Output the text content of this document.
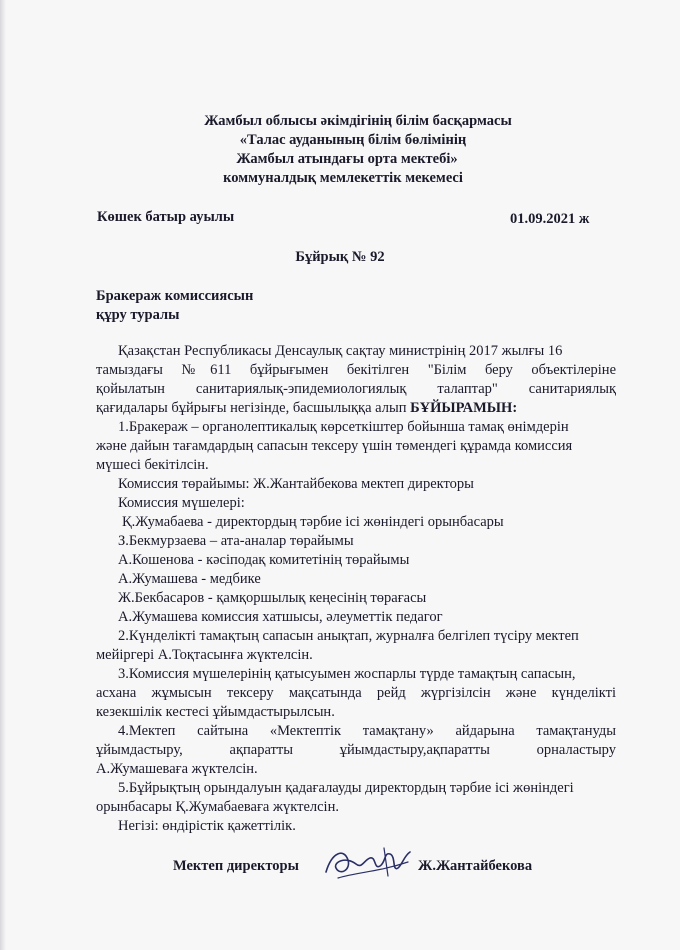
Жамбыл облысы әкімдігінің білім басқармасы
«Талас ауданының білім бөлімінің
Жамбыл атындағы орта мектебі»
коммуналдық мемлекеттік мекемесі
Көшек батыр ауылы	01.09.2021 ж
Бұйрық № 92
Бракераж комиссиясын
құру туралы
Қазақстан Республикасы Денсаулық сақтау министрінің 2017 жылғы 16
тамыздағы №611 бұйрығымен бекітілген "Білім беру объектілеріне
қойылатын санитариялық-эпидемиологиялық талаптар" санитариялық
қағидалары бұйрығы негізінде, басшылыққа алып БҰЙЫРАМЫН:
1.Бракераж – органолептикалық көрсеткіштер бойынша тамақ өнімдерін
және дайын тағамдардың сапасын тексеру үшін төмендегі құрамда комиссия
мүшесі бекітілсін.
Комиссия төрайымы: Ж.Жантайбекова мектеп директоры
Комиссия мүшелері:
Қ.Жумабаева - директордың тәрбие ісі жөніндегі орынбасары
З.Бекмурзаева – ата-аналар төрайымы
А.Кошенова - кәсіподақ комитетінің төрайымы
А.Жумашева - медбике
Ж.Бекбасаров - қамқоршылық кеңесінің төрағасы
А.Жумашева комиссия хатшысы, әлеуметтік педагог
2.Күнделікті тамақтың сапасын анықтап, журналға белгілеп түсіру мектеп
мейіргері А.Тоқтасынға жүктелсін.
3.Комиссия мүшелерінің қатысуымен жоспарлы түрде тамақтың сапасын,
асхана жұмысын тексеру мақсатында рейд жүргізілсін және күнделікті
кезекшілік кестесі ұйымдастырылсын.
4.Мектеп сайтына «Мектептік тамақтану» айдарына тамақтануды
ұйымдастыру, ақпаратты ұйымдастыру,ақпаратты орналастыру
А.Жумашеваға жүктелсін.
5.Бұйрықтың орындалуын қадағалауды директордың тәрбие ісі жөніндегі
орынбасары Қ.Жумабаеваға жүктелсін.
Негізі: өндірістік қажеттілік.
Мектеп директоры	Ж.Жантайбекова
